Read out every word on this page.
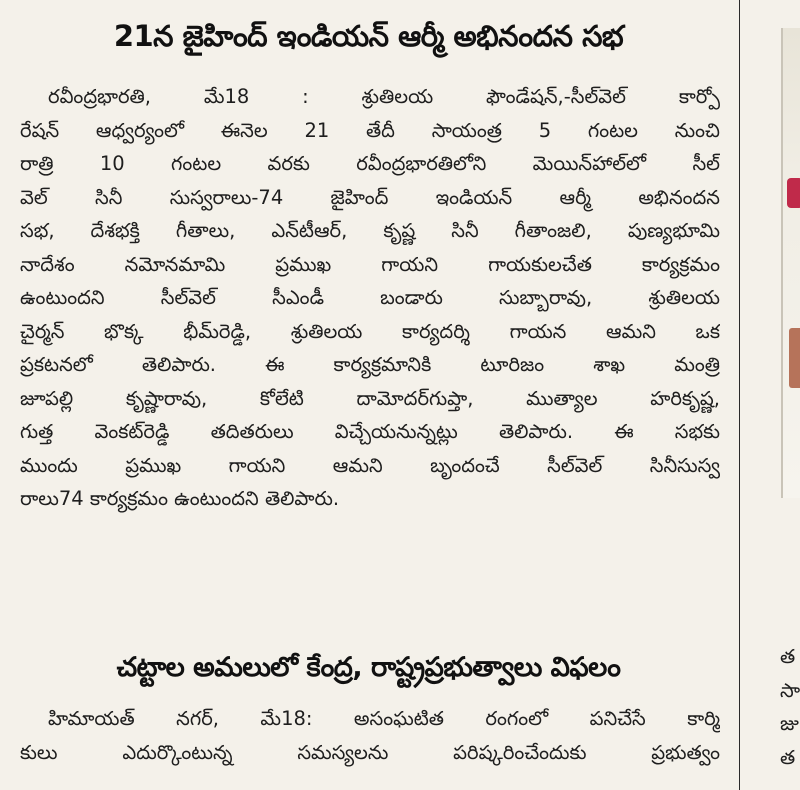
21న జైహింద్ ఇండియన్ ఆర్మీ అభినందన సభ
రవీంద్రభారతి, మే18 : శ్రుతిలయ ఫౌండేషన్,-సీల్‌వెల్ కార్పో
రేషన్ ఆధ్వర్యంలో ఈనెల 21 తేదీ సాయంత్ర 5 గంటల నుంచి
రాత్రి 10 గంటల వరకు రవీంద్రభారతిలోని మెయిన్‌హాల్‌లో సీల్
వెల్ సినీ సుస్వరాలు-74 జైహింద్ ఇండియన్ ఆర్మీ అభినందన
సభ, దేశభక్తి గీతాలు, ఎన్‌టీఆర్, కృష్ణ సినీ గీతాంజలి, పుణ్యభూమి
నాదేశం నమోనమామి ప్రముఖ గాయని గాయకులచేత కార్యక్రమం
ఉంటుందని సీల్‌వెల్ సీఎండీ బండారు సుబ్బారావు, శ్రుతిలయ
చైర్మన్ భొక్క భీమ్‌రెడ్డి, శ్రుతిలయ కార్యదర్శి గాయన ఆమని ఒక
ప్రకటనలో తెలిపారు. ఈ కార్యక్రమానికి టూరిజం శాఖ మంత్రి
జూపల్లి కృష్ణారావు, కోలేటి దామోదర్‌గుప్తా, ముత్యాల హరికృష్ణ,
గుత్త వెంకట్‌రెడ్డి తదితరులు విచ్చేయనున్నట్లు తెలిపారు. ఈ సభకు
ముందు ప్రముఖ గాయని ఆమని బృందంచే సీల్‌వెల్ సినీసుస్వ
రాలు74 కార్యక్రమం ఉంటుందని తెలిపారు.
చట్టాల అమలులో కేంద్ర, రాష్ట్రప్రభుత్వాలు విఫలం
హిమాయత్ నగర్, మే18: అసంఘటిత రంగంలో పనిచేసే కార్మి
కులు ఎదుర్కొంటున్న సమస్యలను పరిష్కరించేందుకు ప్రభుత్వం
త
సా
జు
త
